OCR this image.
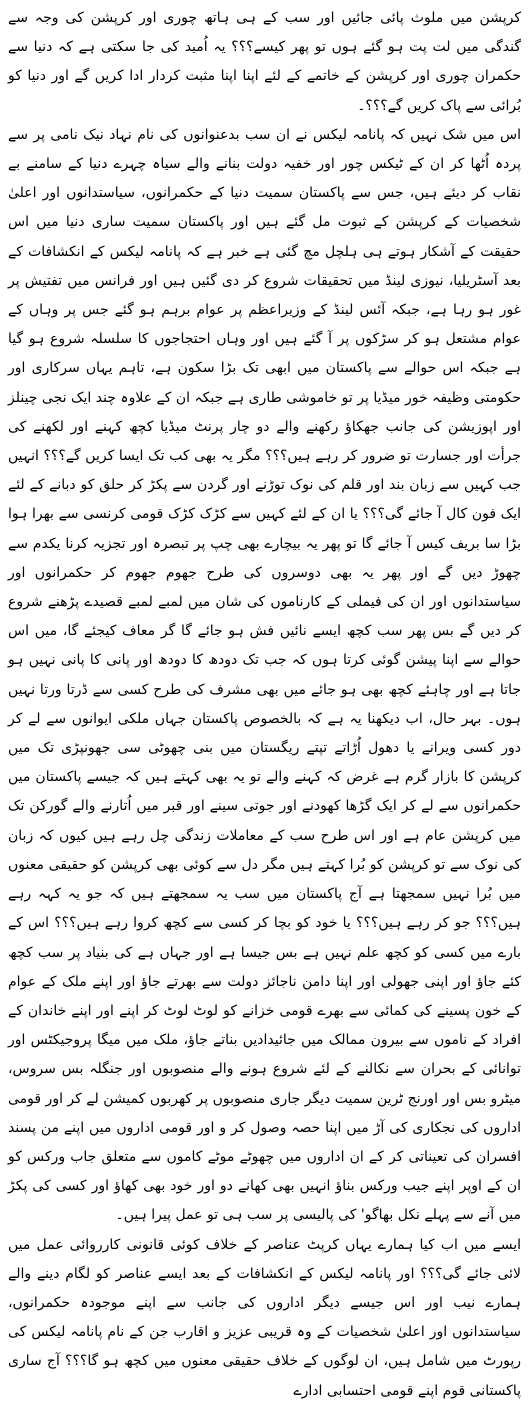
کرپشن میں ملوث پائی جائیں اور سب کے ہی ہاتھ چوری اور کرپشن کی وجہ سے گندگی میں لت پت ہو گئے ہوں تو پھر کیسے؟؟؟ یہ اُمید کی جا سکتی ہے کہ دنیا سے حکمران چوری اور کرپشن کے خاتمے کے لئے اپنا اپنا مثبت کردار ادا کریں گے اور دنیا کو بُرائی سے پاک کریں گے؟؟؟۔

اس میں شک نہیں کہ پانامہ لیکس نے ان سب بدعنوانوں کی نام نہاد نیک نامی پر سے پردہ اُٹھا کر ان کے ٹیکس چور اور خفیہ دولت بنانے والے سیاہ چہرے دنیا کے سامنے بے نقاب کر دیئے ہیں، جس سے پاکستان سمیت دنیا کے حکمرانوں، سیاستدانوں اور اعلیٰ شخصیات کے کرپشن کے ثبوت مل گئے ہیں اور پاکستان سمیت ساری دنیا میں اس حقیقت کے آشکار ہوتے ہی ہلچل مچ گئی ہے خبر ہے کہ پانامہ لیکس کے انکشافات کے بعد آسٹریلیا، نیوزی لینڈ میں تحقیقات شروع کر دی گئیں ہیں اور فرانس میں تفتیش پر غور ہو رہا ہے، جبکہ آئس لینڈ کے وزیراعظم پر عوام برہم ہو گئے جس پر وہاں کے عوام مشتعل ہو کر سڑکوں پر آ گئے ہیں اور وہاں احتجاجوں کا سلسلہ شروع ہو گیا ہے جبکہ اس حوالے سے پاکستان میں ابھی تک بڑا سکون ہے، تاہم یہاں سرکاری اور حکومتی وظیفہ خور میڈیا پر تو خاموشی طاری ہے جبکہ ان کے علاوہ چند ایک نجی چینلز اور اپوزیشن کی جانب جھکاؤ رکھنے والے دو چار پرنٹ میڈیا کچھ کہنے اور لکھنے کی جرأت اور جسارت تو ضرور کر رہے ہیں؟؟؟ مگر یہ بھی کب تک ایسا کریں گے؟؟؟ انہیں جب کہیں سے زبان بند اور قلم کی نوک توڑنے اور گردن سے پکڑ کر حلق کو دبانے کے لئے ایک فون کال آ جائے گی؟؟؟ یا ان کے لئے کہیں سے کڑک کڑک قومی کرنسی سے بھرا ہوا بڑا سا بریف کیس آ جائے گا تو پھر یہ بیچارے بھی چپ پر تبصرہ اور تجزیہ کرنا یکدم سے چھوڑ دیں گے اور پھر یہ بھی دوسروں کی طرح جھوم جھوم کر حکمرانوں اور سیاستدانوں اور ان کی فیملی کے کارناموں کی شان میں لمبے لمبے قصیدے پڑھنے شروع کر دیں گے بس پھر سب کچھ ایسے نائیں فش ہو جائے گا گر معاف کیجئے گا، میں اس حوالے سے اپنا پیشن گوئی کرتا ہوں کہ جب تک دودھ کا دودھ اور پانی کا پانی نہیں ہو جاتا ہے اور چاہئے کچھ بھی ہو جائے میں بھی مشرف کی طرح کسی سے ڈرتا ورتا نہیں ہوں۔ بہر حال، اب دیکھنا یہ ہے کہ بالخصوص پاکستان جہاں ملکی ایوانوں سے لے کر دور کسی ویرانے یا دھول اُڑاتے تپتے ریگستان میں بنی چھوٹی سی جھونپڑی تک میں کرپشن کا بازار گرم ہے غرض کہ کہنے والے تو یہ بھی کہتے ہیں کہ جیسے پاکستان میں حکمرانوں سے لے کر ایک گڑھا کھودنے اور جوتی سینے اور قبر میں اُتارنے والے گورکن تک میں کرپشن عام ہے اور اس طرح سب کے معاملات زندگی چل رہے ہیں کیوں کہ زبان کی نوک سے تو کرپشن کو بُرا کہتے ہیں مگر دل سے کوئی بھی کرپشن کو حقیقی معنوں میں بُرا نہیں سمجھتا ہے آج پاکستان میں سب یہ سمجھتے ہیں کہ جو یہ کہہ رہے ہیں؟؟؟ جو کر رہے ہیں؟؟؟ یا خود کو بچا کر کسی سے کچھ کروا رہے ہیں؟؟؟ اس کے بارے میں کسی کو کچھ علم نہیں ہے بس جیسا ہے اور جہاں ہے کی بنیاد پر سب کچھ کئے جاؤ اور اپنی جھولی اور اپنا دامن ناجائز دولت سے بھرتے جاؤ اور اپنے ملک کے عوام کے خون پسینے کی کمائی سے بھرے قومی خزانے کو لوٹ لوٹ کر اپنے اور اپنے خاندان کے افراد کے ناموں سے بیرون ممالک میں جائیدادیں بناتے جاؤ، ملک میں میگا پروجیکٹس اور توانائی کے بحران سے نکالنے کے لئے شروع ہونے والے منصوبوں اور جنگلہ بس سروس، میٹرو بس اور اورنج ٹرین سمیت دیگر جاری منصوبوں پر کھربوں کمیشن لے کر اور قومی اداروں کی نجکاری کی آڑ میں اپنا حصہ وصول کر و اور قومی اداروں میں اپنے من پسند افسران کی تعیناتی کر کے ان اداروں میں چھوٹے موٹے کاموں سے متعلق جاب ورکس کو ان کے اوپر اپنے جیب ورکس بناؤ انہیں بھی کھانے دو اور خود بھی کھاؤ اور کسی کی پکڑ میں آنے سے پہلے نکل بھاگو' کی پالیسی پر سب ہی تو عمل پیرا ہیں۔

ایسے میں اب کیا ہمارے یہاں کرپٹ عناصر کے خلاف کوئی قانونی کارروائی عمل میں لائی جائے گی؟؟؟ اور پانامہ لیکس کے انکشافات کے بعد ایسے عناصر کو لگام دینے والے ہمارے نیب اور اس جیسے دیگر اداروں کی جانب سے اپنے موجودہ حکمرانوں، سیاستدانوں اور اعلیٰ شخصیات کے وہ قریبی عزیز و اقارب جن کے نام پانامہ لیکس کی رپورٹ میں شامل ہیں، ان لوگوں کے خلاف حقیقی معنوں میں کچھ ہو گا؟؟؟ آج ساری پاکستانی قوم اپنے قومی احتسابی ادارے
